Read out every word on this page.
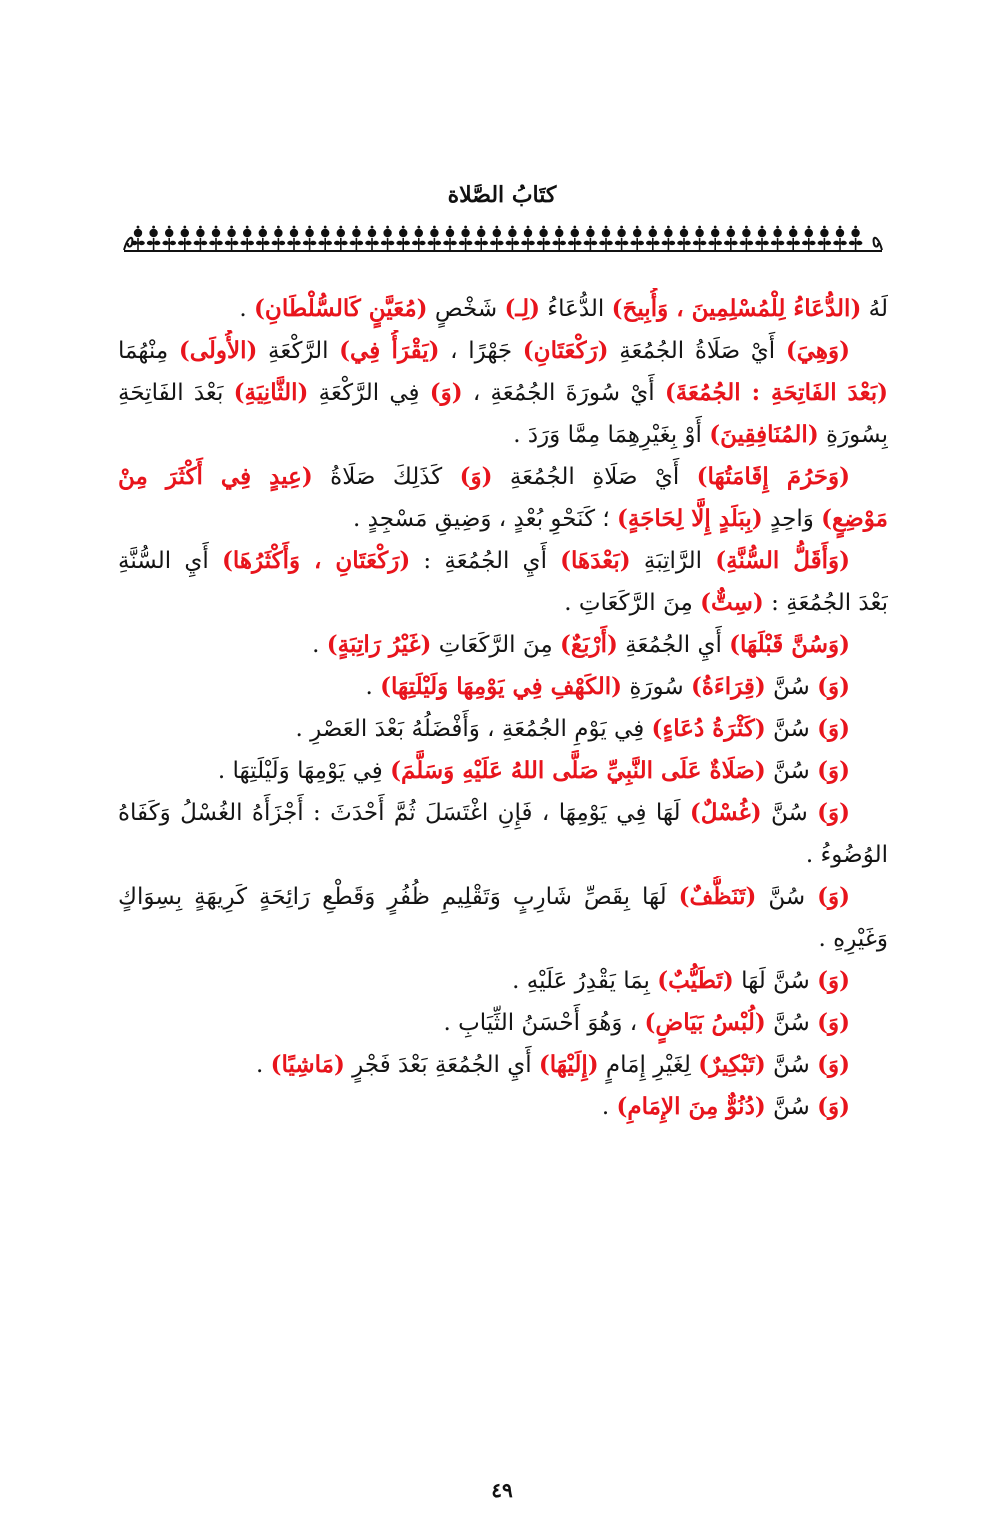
كتَابُ الصَّلاة
لَهُ (الدُّعَاءُ لِلْمُسْلِمِينَ ، وَأُبِيحَ) الدُّعَاءُ (لِـ) شَخْصٍ (مُعَيَّنٍ كَالسُّلْطَانِ) .
(وَهِيَ) أَيْ صَلَاةُ الجُمُعَةِ (رَكْعَتَانِ) جَهْرًا ، (يَقْرَأُ فِي) الرَّكْعَةِ (الأُولَى) مِنْهُمَا
(بَعْدَ الفَاتِحَةِ : الجُمُعَةَ) أَيْ سُورَةَ الجُمُعَةِ ، (وَ) فِي الرَّكْعَةِ (الثَّانِيَةِ) بَعْدَ الفَاتِحَةِ
بِسُورَةِ (المُنَافِقِينَ) أَوْ بِغَيْرِهِمَا مِمَّا وَرَدَ .
(وَحَرُمَ إِقَامَتُهَا) أَيْ صَلَاةِ الجُمُعَةِ (وَ) كَذَلِكَ صَلَاةُ (عِيدٍ فِي أَكْثَرَ مِنْ
مَوْضِعٍ) وَاحِدٍ (بِبَلَدٍ إِلَّا لِحَاجَةٍ) ؛ كَنَحْوِ بُعْدٍ ، وَضِيقِ مَسْجِدٍ .
(وَأَقَلُّ السُّنَّةِ) الرَّاتِبَةِ (بَعْدَهَا) أَيِ الجُمُعَةِ : (رَكْعَتَانِ ، وَأَكْثَرُهَا) أَيِ السُّنَّةِ
بَعْدَ الجُمُعَةِ : (سِتٌّ) مِنَ الرَّكَعَاتِ .
(وَسُنَّ قَبْلَهَا) أَيِ الجُمُعَةِ (أَرْبَعٌ) مِنَ الرَّكَعَاتِ (غَيْرُ رَاتِبَةٍ) .
(وَ) سُنَّ (قِرَاءَةُ) سُورَةِ (الكَهْفِ فِي يَوْمِهَا وَلَيْلَتِهَا) .
(وَ) سُنَّ (كَثْرَةُ دُعَاءٍ) فِي يَوْمِ الجُمُعَةِ ، وَأَفْضَلُهُ بَعْدَ العَصْرِ .
(وَ) سُنَّ (صَلَاةٌ عَلَى النَّبِيِّ صَلَّى اللهُ عَلَيْهِ وَسَلَّمَ) فِي يَوْمِهَا وَلَيْلَتِهَا .
(وَ) سُنَّ (غُسْلٌ) لَهَا فِي يَوْمِهَا ، فَإِنِ اغْتَسَلَ ثُمَّ أَحْدَثَ : أَجْزَأَهُ الغُسْلُ وَكَفَاهُ
الوُضُوءُ .
(وَ) سُنَّ (تَنَظُّفٌ) لَهَا بِقَصِّ شَارِبٍ وَتَقْلِيمِ ظُفُرٍ وَقَطْعِ رَائِحَةٍ كَرِيهَةٍ بِسِوَاكٍ
وَغَيْرِهِ .
(وَ) سُنَّ لَهَا (تَطَيُّبٌ) بِمَا يَقْدِرُ عَلَيْهِ .
(وَ) سُنَّ (لُبْسُ بَيَاضٍ) ، وَهُوَ أَحْسَنُ الثِّيَابِ .
(وَ) سُنَّ (تَبْكِيرٌ) لِغَيْرِ إِمَامٍ (إِلَيْهَا) أَيِ الجُمُعَةِ بَعْدَ فَجْرٍ (مَاشِيًا) .
(وَ) سُنَّ (دُنُوٌّ مِنَ الإِمَامِ) .
٤٩
